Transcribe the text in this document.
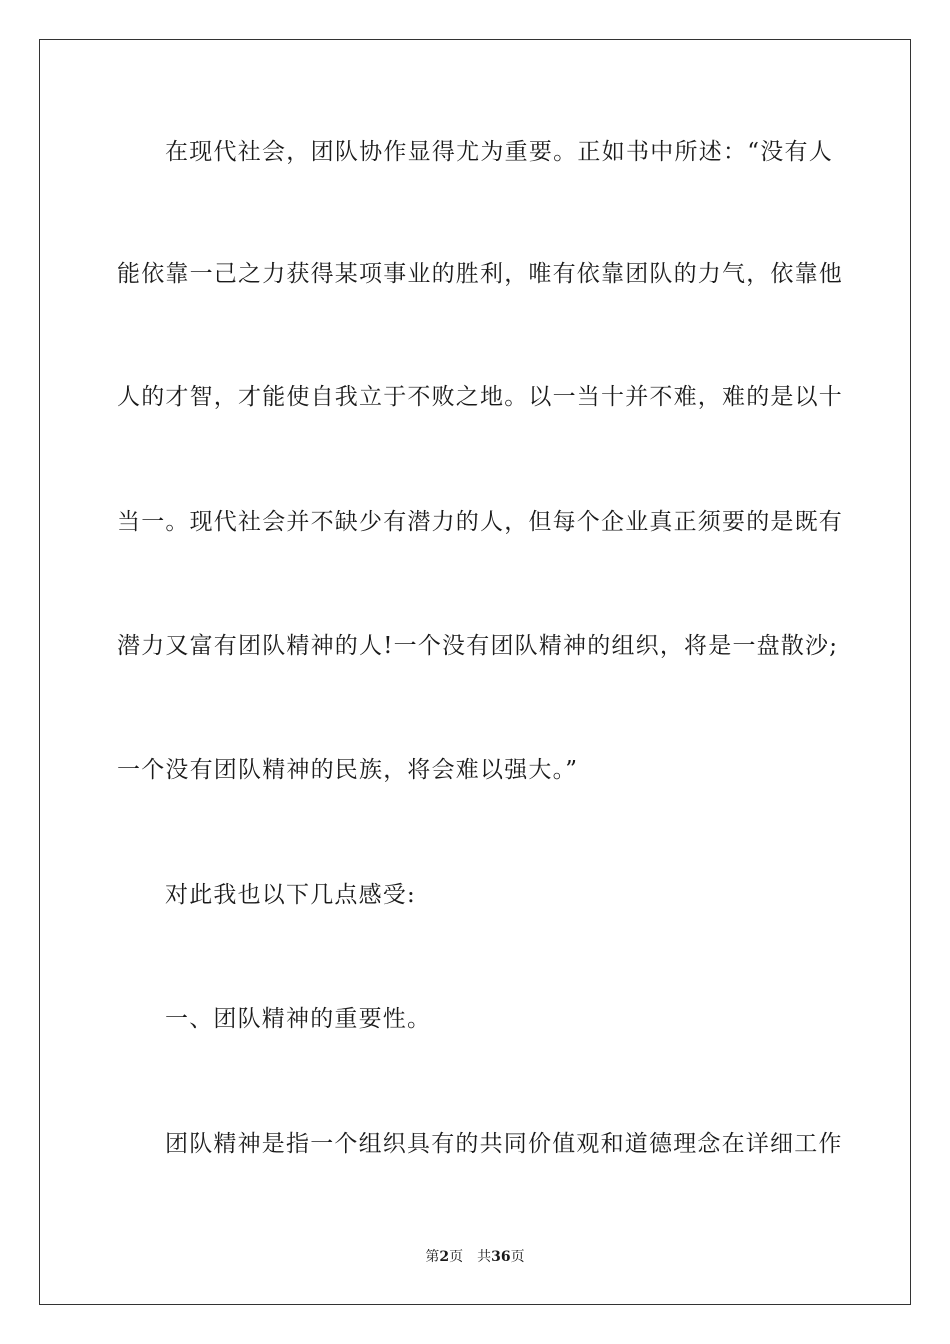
在现代社会，团队协作显得尤为重要。正如书中所述：“没有人
能依靠一己之力获得某项事业的胜利，唯有依靠团队的力气，依靠他
人的才智，才能使自我立于不败之地。以一当十并不难，难的是以十
当一。现代社会并不缺少有潜力的人，但每个企业真正须要的是既有
潜力又富有团队精神的人!一个没有团队精神的组织，将是一盘散沙;
一个没有团队精神的民族，将会难以强大。”
对此我也以下几点感受:
一、团队精神的重要性。
团队精神是指一个组织具有的共同价值观和道德理念在详细工作
第2页 共36页
